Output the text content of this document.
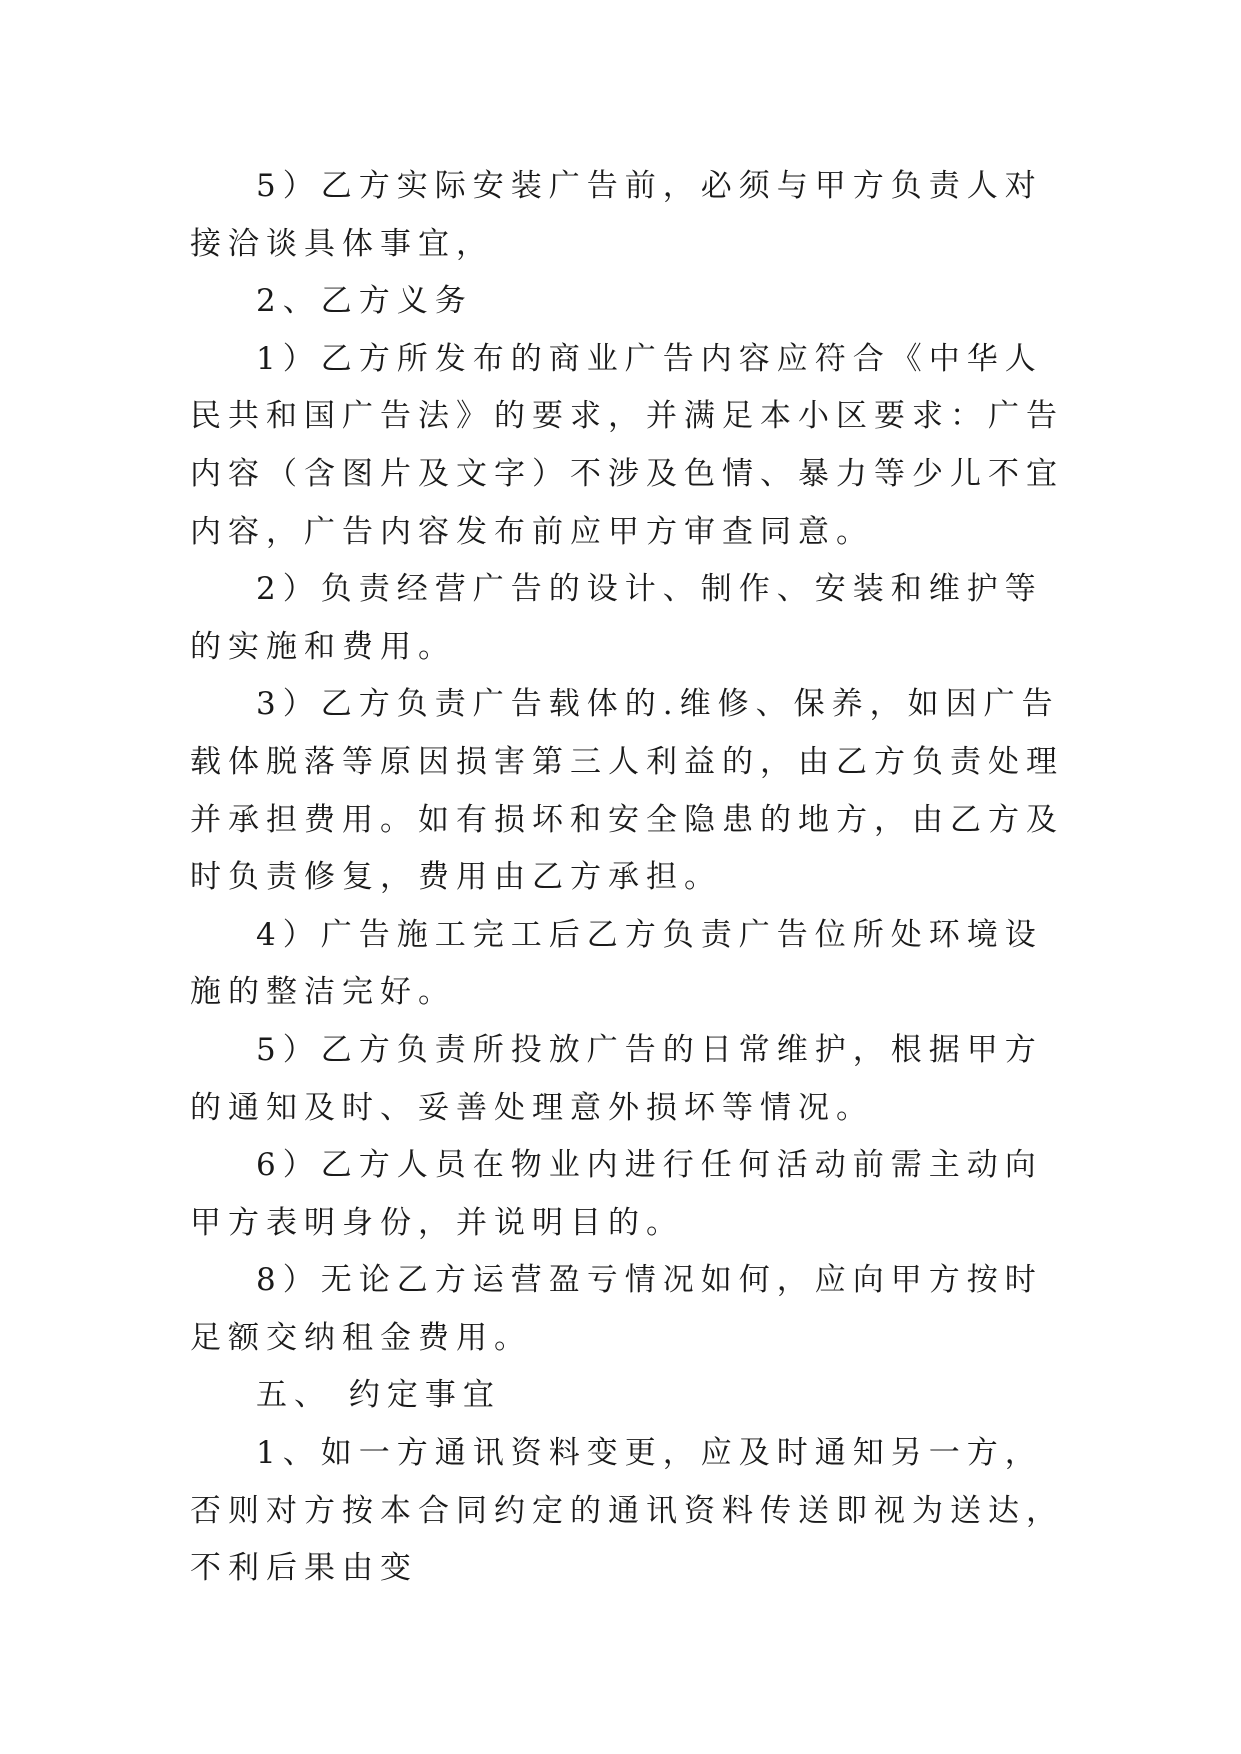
5）乙方实际安装广告前，必须与甲方负责人对接洽谈具体事宜，

2、乙方义务

1）乙方所发布的商业广告内容应符合《中华人民共和国广告法》的要求，并满足本小区要求：广告内容（含图片及文字）不涉及色情、暴力等少儿不宜内容，广告内容发布前应甲方审查同意。

2）负责经营广告的设计、制作、安装和维护等的实施和费用。

3）乙方负责广告载体的.维修、保养，如因广告载体脱落等原因损害第三人利益的，由乙方负责处理并承担费用。如有损坏和安全隐患的地方，由乙方及时负责修复，费用由乙方承担。

4）广告施工完工后乙方负责广告位所处环境设施的整洁完好。

5）乙方负责所投放广告的日常维护，根据甲方的通知及时、妥善处理意外损坏等情况。

6）乙方人员在物业内进行任何活动前需主动向甲方表明身份，并说明目的。

8）无论乙方运营盈亏情况如何，应向甲方按时足额交纳租金费用。

五、 约定事宜

1、如一方通讯资料变更，应及时通知另一方，否则对方按本合同约定的通讯资料传送即视为送达，不利后果由变
